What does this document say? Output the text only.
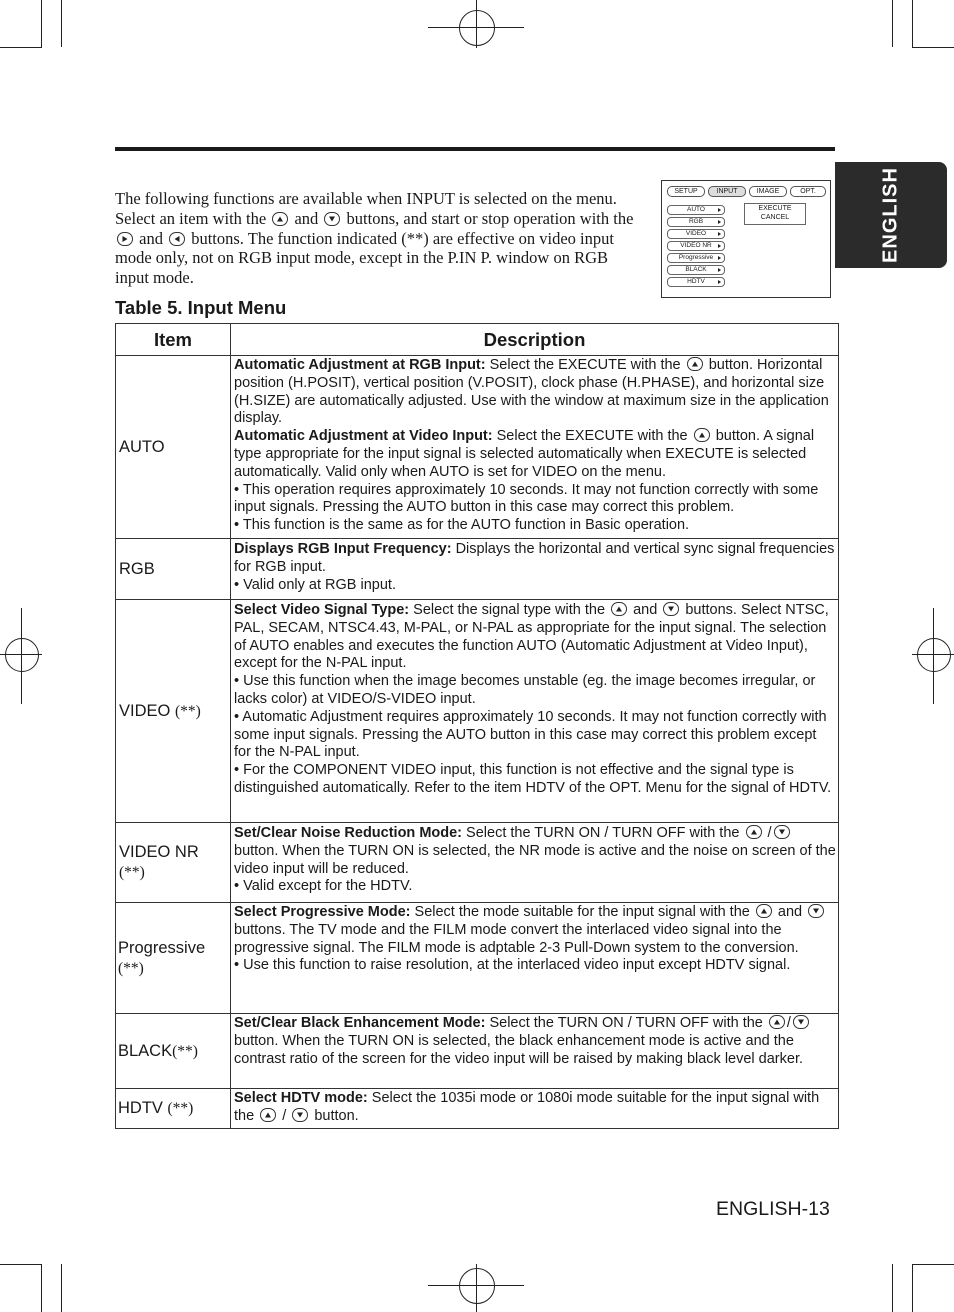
ENGLISH
The following functions are available when INPUT is selected on the menu. Select an item with the and buttons, and start or stop operation with the  and buttons. The function indicated (**) are effective on video input mode only, not on RGB input mode, except in the P.IN P. window on RGB input mode.
SETUP	INPUT	IMAGE	OPT.
AUTO
RGB
VIDEO
VIDEO NR
Progressive
BLACK
HDTV
EXECUTE
CANCEL
Table 5. Input Menu
Item	Description
AUTO	Automatic Adjustment at RGB Input: Select the EXECUTE with the button. Horizontal position (H.POSIT), vertical position (V.POSIT), clock phase (H.PHASE), and horizontal size (H.SIZE) are automatically adjusted. Use with the window at maximum size in the application display.
Automatic Adjustment at Video Input: Select the EXECUTE with the button. A signal type appropriate for the input signal is selected automatically when EXECUTE is selected automatically. Valid only when AUTO is set for VIDEO on the menu.
• This operation requires approximately 10 seconds. It may not function correctly with some input signals. Pressing the AUTO button in this case may correct this problem.
• This function is the same as for the AUTO function in Basic operation.

RGB	Displays RGB Input Frequency: Displays the horizontal and vertical sync signal frequencies for RGB input.
• Valid only at RGB input.

VIDEO (**)	Select Video Signal Type: Select the signal type with the and buttons. Select NTSC, PAL, SECAM, NTSC4.43, M-PAL, or N-PAL as appropriate for the input signal. The selection of AUTO enables and executes the function AUTO (Automatic Adjustment at Video Input), except for the N-PAL input.
• Use this function when the image becomes unstable (eg. the image becomes irregular, or lacks color) at VIDEO/S-VIDEO input.
• Automatic Adjustment requires approximately 10 seconds. It may not function correctly with some input signals. Pressing the AUTO button in this case may correct this problem except for the N-PAL input.
• For the COMPONENT VIDEO input, this function is not effective and the signal type is distinguished automatically. Refer to the item HDTV of the OPT. Menu for the signal of HDTV.

VIDEO NR
(**)	Set/Clear Noise Reduction Mode: Select the TURN ON / TURN OFF with the / button. When the TURN ON is selected, the NR mode is active and the noise on screen of the video input will be reduced.
• Valid except for the HDTV.

Progressive
(**)	Select Progressive Mode: Select the mode suitable for the input signal with the and  buttons. The TV mode and the FILM mode convert the interlaced video signal into the progressive signal. The FILM mode is adptable 2-3 Pull-Down system to the conversion.
• Use this function to raise resolution, at the interlaced video input except HDTV signal.

BLACK(**)	Set/Clear Black Enhancement Mode: Select the TURN ON / TURN OFF with the / button. When the TURN ON is selected, the black enhancement mode is active and the contrast ratio of the screen for the video input will be raised by making black level darker.

HDTV (**)	Select HDTV mode: Select the 1035i mode or 1080i mode suitable for the input signal with the / button.
ENGLISH-13
